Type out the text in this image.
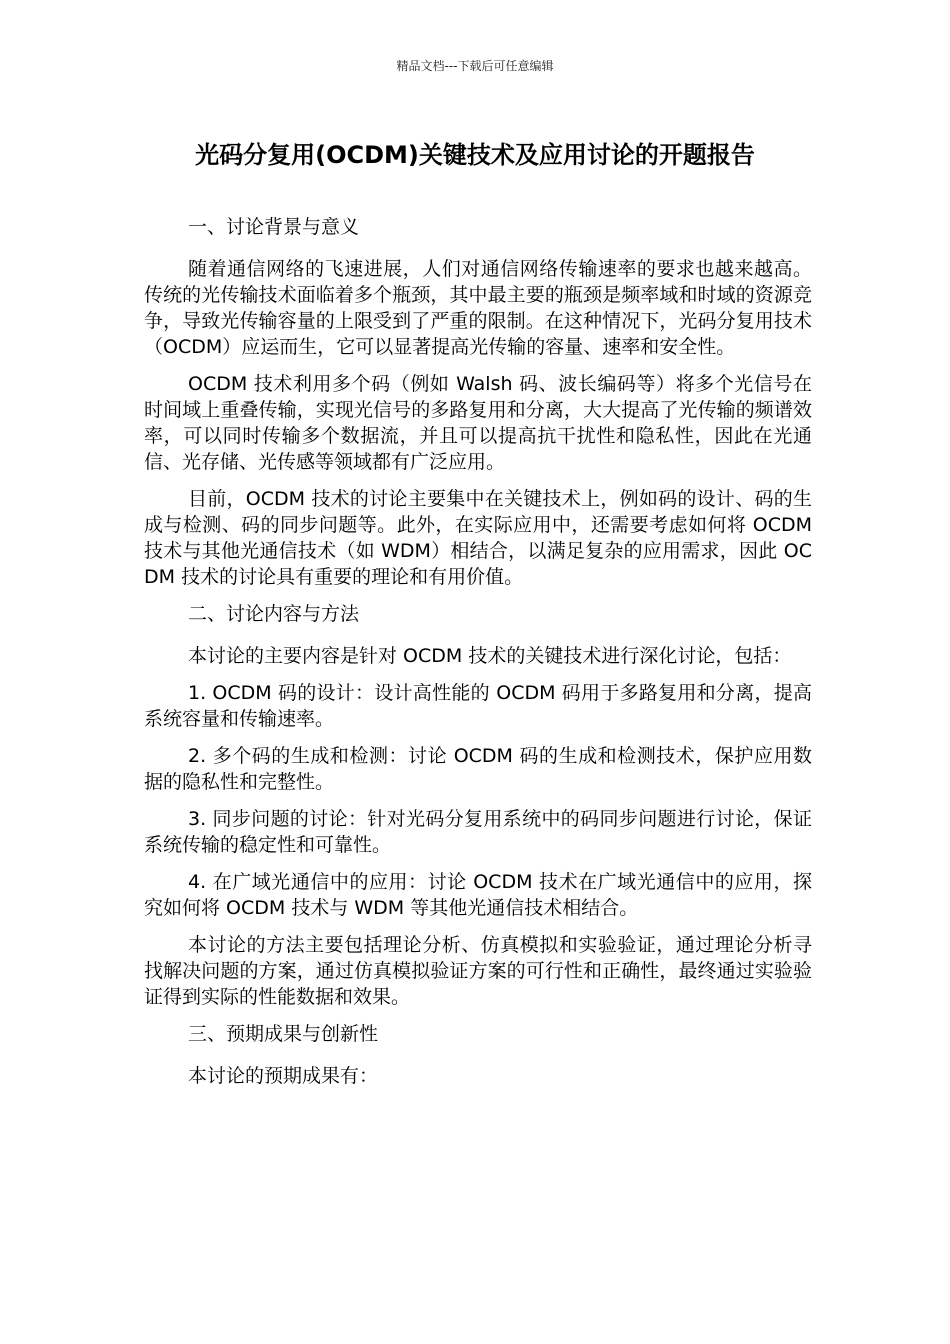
精品文档---下载后可任意编辑
光码分复用(OCDM)关键技术及应用讨论的开题报告

一、讨论背景与意义

随着通信网络的飞速进展，人们对通信网络传输速率的要求也越来越高。传统的光传输技术面临着多个瓶颈，其中最主要的瓶颈是频率域和时域的资源竞争，导致光传输容量的上限受到了严重的限制。在这种情况下，光码分复用技术（OCDM）应运而生，它可以显著提高光传输的容量、速率和安全性。

OCDM 技术利用多个码（例如 Walsh 码、波长编码等）将多个光信号在时间域上重叠传输，实现光信号的多路复用和分离，大大提高了光传输的频谱效率，可以同时传输多个数据流，并且可以提高抗干扰性和隐私性，因此在光通信、光存储、光传感等领域都有广泛应用。

目前，OCDM 技术的讨论主要集中在关键技术上，例如码的设计、码的生成与检测、码的同步问题等。此外，在实际应用中，还需要考虑如何将 OCDM 技术与其他光通信技术（如 WDM）相结合，以满足复杂的应用需求，因此 OCDM 技术的讨论具有重要的理论和有用价值。

二、讨论内容与方法

本讨论的主要内容是针对 OCDM 技术的关键技术进行深化讨论，包括：

1. OCDM 码的设计：设计高性能的 OCDM 码用于多路复用和分离，提高系统容量和传输速率。

2. 多个码的生成和检测：讨论 OCDM 码的生成和检测技术，保护应用数据的隐私性和完整性。

3. 同步问题的讨论：针对光码分复用系统中的码同步问题进行讨论，保证系统传输的稳定性和可靠性。

4. 在广域光通信中的应用：讨论 OCDM 技术在广域光通信中的应用，探究如何将 OCDM 技术与 WDM 等其他光通信技术相结合。

本讨论的方法主要包括理论分析、仿真模拟和实验验证，通过理论分析寻找解决问题的方案，通过仿真模拟验证方案的可行性和正确性，最终通过实验验证得到实际的性能数据和效果。

三、预期成果与创新性

本讨论的预期成果有：
